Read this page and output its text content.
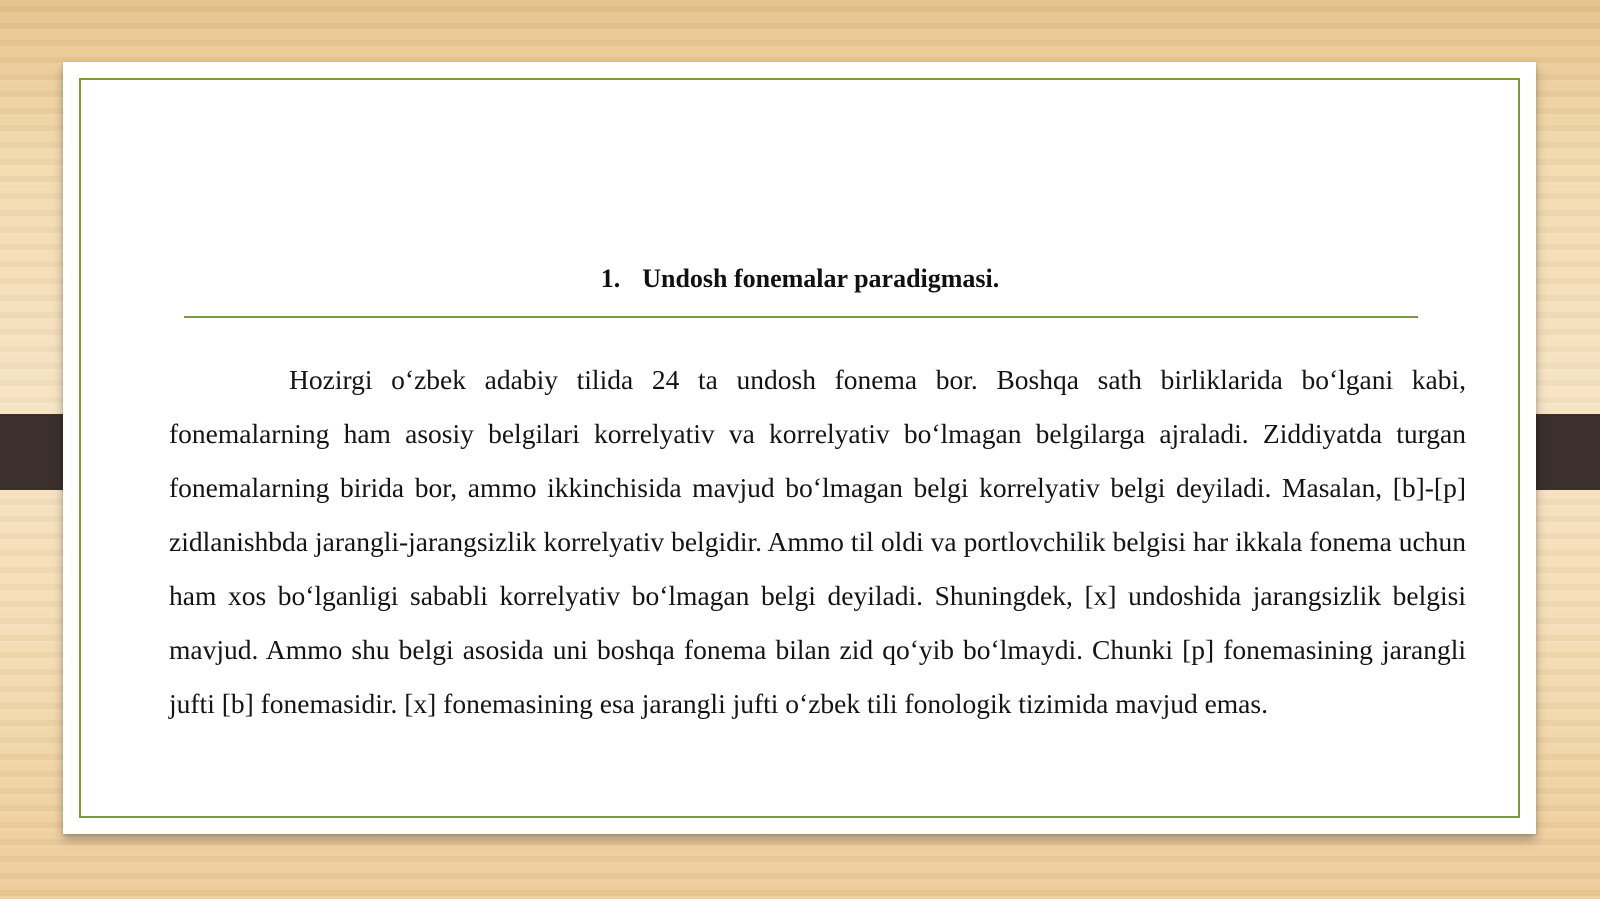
1. Undosh fonemalar paradigmasi.

Hozirgi o‘zbek adabiy tilida 24 ta undosh fonema bor. Boshqa sath birliklarida bo‘lgani kabi, fonemalarning ham asosiy belgilari korrelyativ va korrelyativ bo‘lmagan belgilarga ajraladi. Ziddiyatda turgan fonemalarning birida bor, ammo ikkinchisida mavjud bo‘lmagan belgi korrelyativ belgi deyiladi. Masalan, [b]-[p] zidlanishbda jarangli-jarangsizlik korrelyativ belgidir. Ammo til oldi va portlovchilik belgisi har ikkala fonema uchun ham xos bo‘lganligi sababli korrelyativ bo‘lmagan belgi deyiladi. Shuningdek, [x] undoshida jarangsizlik belgisi mavjud. Ammo shu belgi asosida uni boshqa fonema bilan zid qo‘yib bo‘lmaydi. Chunki [p] fonemasining jarangli jufti [b] fonemasidir. [x] fonemasining esa jarangli jufti o‘zbek tili fonologik tizimida mavjud emas.
